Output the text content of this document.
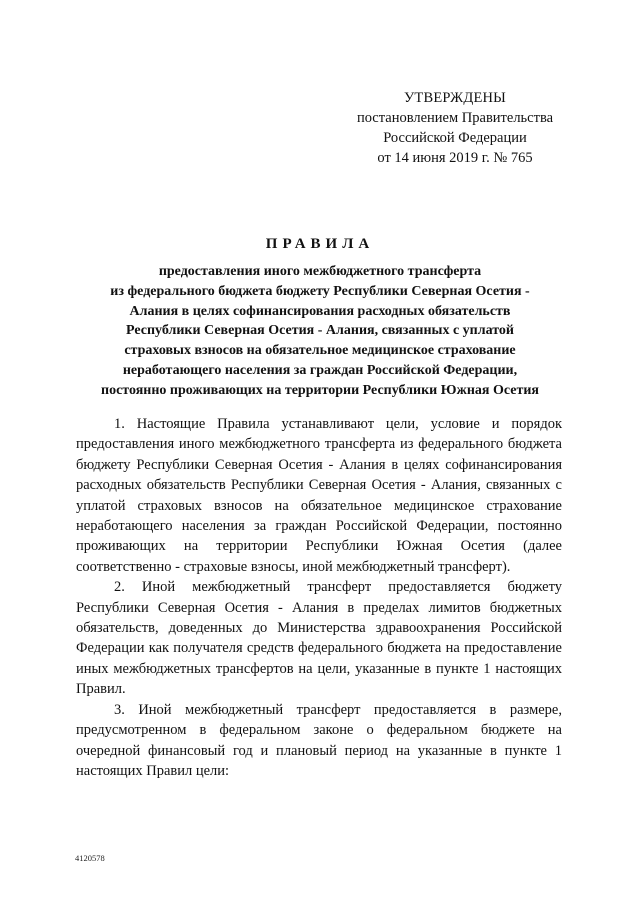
УТВЕРЖДЕНЫ
постановлением Правительства
Российской Федерации
от 14 июня 2019 г. № 765
ПРАВИЛА
предоставления иного межбюджетного трансферта
из федерального бюджета бюджету Республики Северная Осетия -
Алания в целях софинансирования расходных обязательств
Республики Северная Осетия - Алания, связанных с уплатой
страховых взносов на обязательное медицинское страхование
неработающего населения за граждан Российской Федерации,
постоянно проживающих на территории Республики Южная Осетия

1. Настоящие Правила устанавливают цели, условие и порядок предоставления иного межбюджетного трансферта из федерального бюджета бюджету Республики Северная Осетия - Алания в целях софинансирования расходных обязательств Республики Северная Осетия - Алания, связанных с уплатой страховых взносов на обязательное медицинское страхование неработающего населения за граждан Российской Федерации, постоянно проживающих на территории Республики Южная Осетия (далее соответственно - страховые взносы, иной межбюджетный трансферт).

2. Иной межбюджетный трансферт предоставляется бюджету Республики Северная Осетия - Алания в пределах лимитов бюджетных обязательств, доведенных до Министерства здравоохранения Российской Федерации как получателя средств федерального бюджета на предоставление иных межбюджетных трансфертов на цели, указанные в пункте 1 настоящих Правил.

3. Иной межбюджетный трансферт предоставляется в размере, предусмотренном в федеральном законе о федеральном бюджете на очередной финансовый год и плановый период на указанные в пункте 1 настоящих Правил цели:

4120578
